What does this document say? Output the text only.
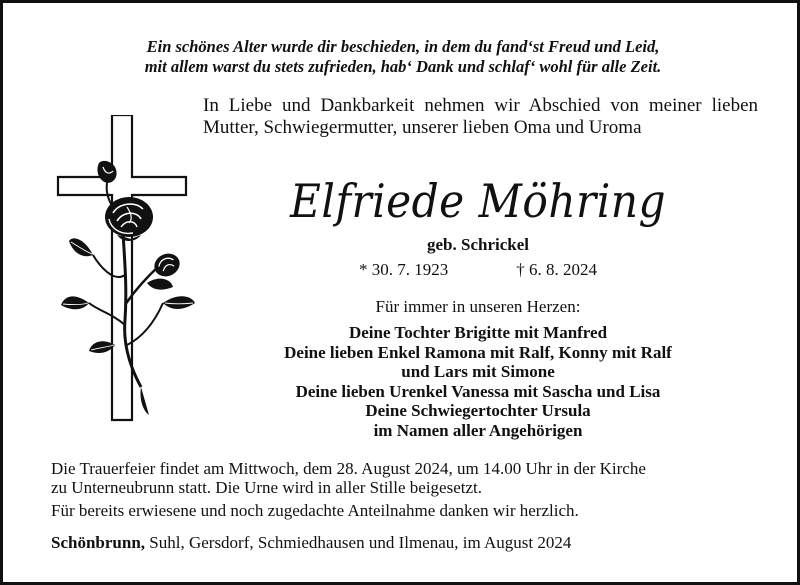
Ein schönes Alter wurde dir beschieden, in dem du fand‘st Freud und Leid,
mit allem warst du stets zufrieden, hab‘ Dank und schlaf‘ wohl für alle Zeit.
In Liebe und Dankbarkeit nehmen wir Abschied von meiner lieben
Mutter, Schwiegermutter, unserer lieben Oma und Uroma
Elfriede Möhring
geb. Schrickel
* 30. 7. 1923	† 6. 8. 2024
Für immer in unseren Herzen:
Deine Tochter Brigitte mit Manfred
Deine lieben Enkel Ramona mit Ralf, Konny mit Ralf
und Lars mit Simone
Deine lieben Urenkel Vanessa mit Sascha und Lisa
Deine Schwiegertochter Ursula
im Namen aller Angehörigen
Die Trauerfeier findet am Mittwoch, dem 28. August 2024, um 14.00 Uhr in der Kirche
zu Unterneubrunn statt. Die Urne wird in aller Stille beigesetzt.
Für bereits erwiesene und noch zugedachte Anteilnahme danken wir herzlich.
Schönbrunn, Suhl, Gersdorf, Schmiedhausen und Ilmenau, im August 2024
